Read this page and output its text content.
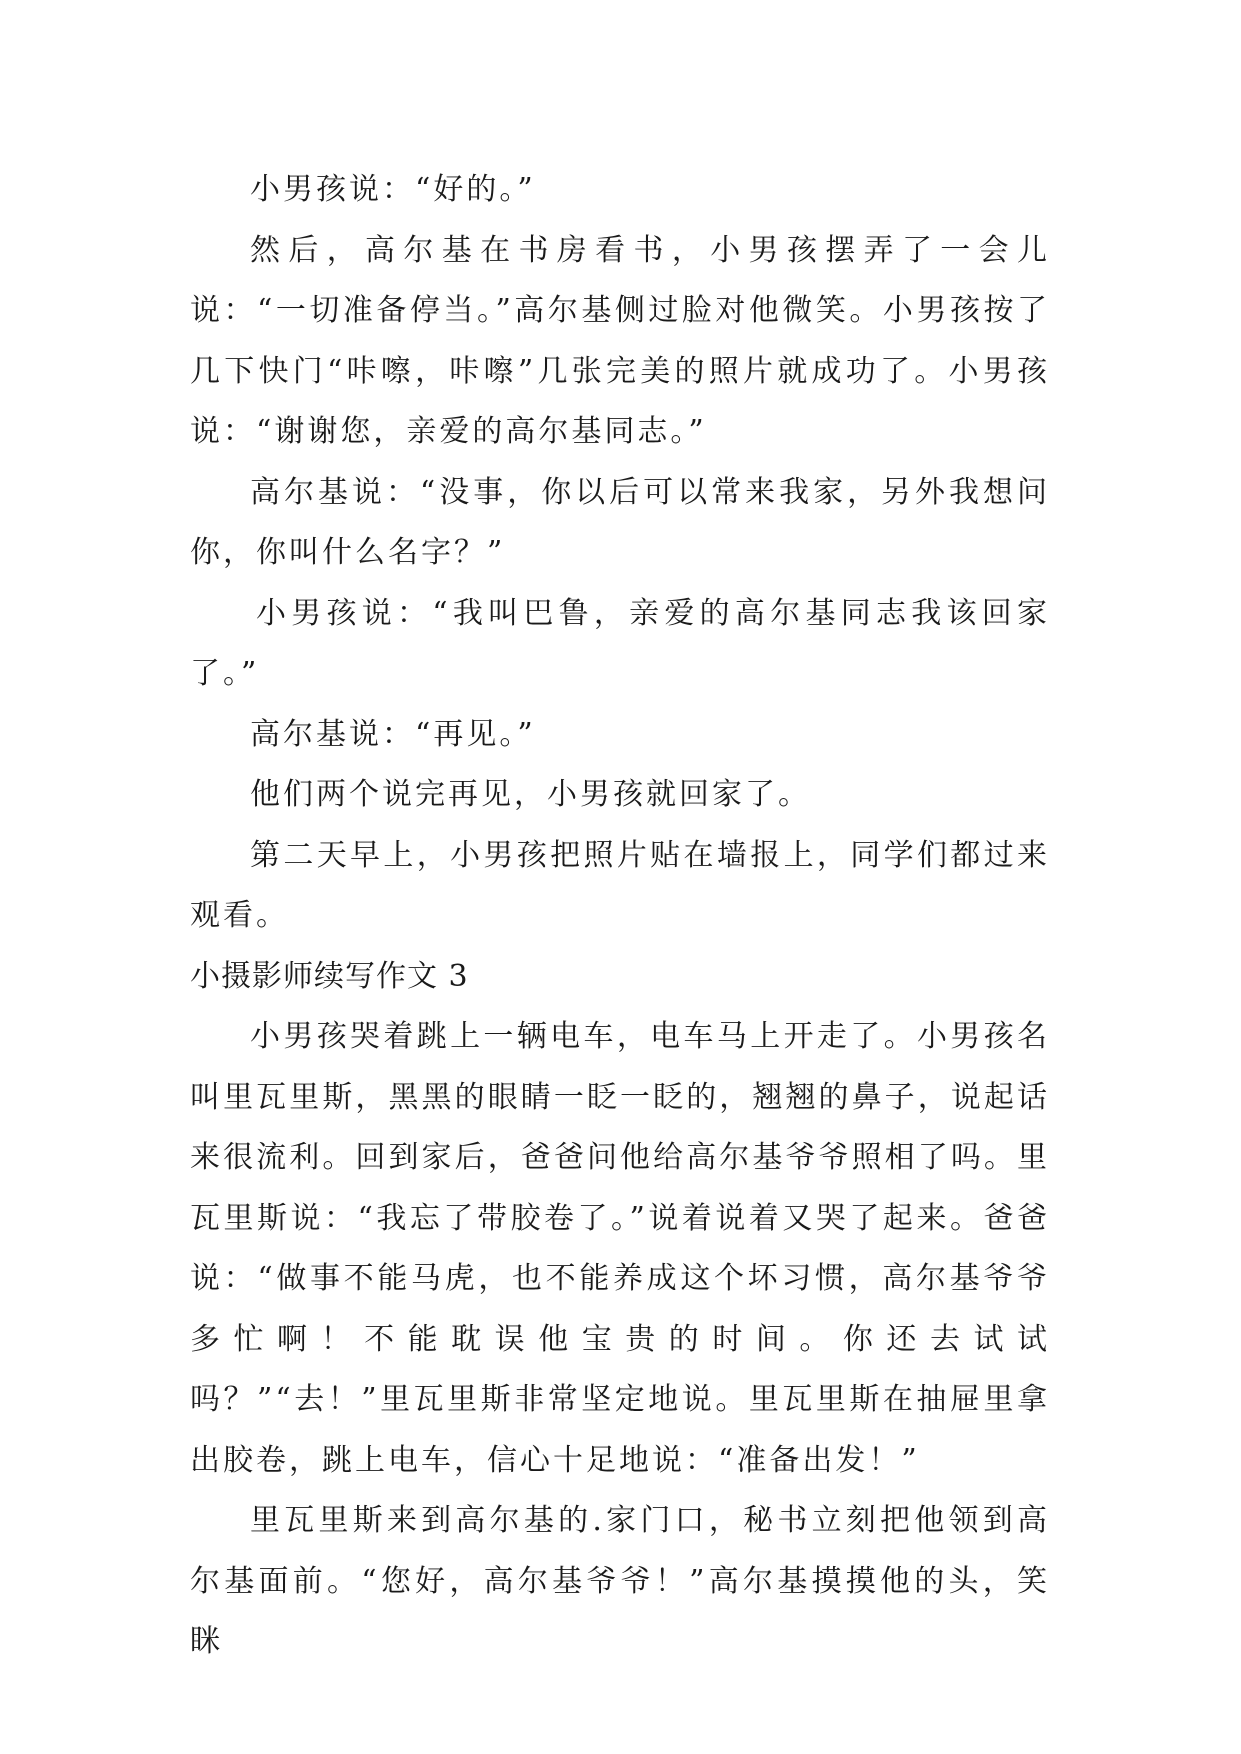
小男孩说：“好的。”

然后，高尔基在书房看书，小男孩摆弄了一会儿说：“一切准备停当。”高尔基侧过脸对他微笑。小男孩按了几下快门“咔嚓，咔嚓”几张完美的照片就成功了。小男孩说：“谢谢您，亲爱的高尔基同志。”

高尔基说：“没事，你以后可以常来我家，另外我想问你，你叫什么名字？”

小男孩说：“我叫巴鲁，亲爱的高尔基同志我该回家了。”

高尔基说：“再见。”

他们两个说完再见，小男孩就回家了。

第二天早上，小男孩把照片贴在墙报上，同学们都过来观看。

小摄影师续写作文 3

小男孩哭着跳上一辆电车，电车马上开走了。小男孩名叫里瓦里斯，黑黑的眼睛一眨一眨的，翘翘的鼻子，说起话来很流利。回到家后，爸爸问他给高尔基爷爷照相了吗。里瓦里斯说：“我忘了带胶卷了。”说着说着又哭了起来。爸爸说：“做事不能马虎，也不能养成这个坏习惯，高尔基爷爷多忙啊！不能耽误他宝贵的时间。你还去试试吗？”“去！”里瓦里斯非常坚定地说。里瓦里斯在抽屉里拿出胶卷，跳上电车，信心十足地说：“准备出发！”

里瓦里斯来到高尔基的.家门口，秘书立刻把他领到高尔基面前。“您好，高尔基爷爷！”高尔基摸摸他的头，笑眯
